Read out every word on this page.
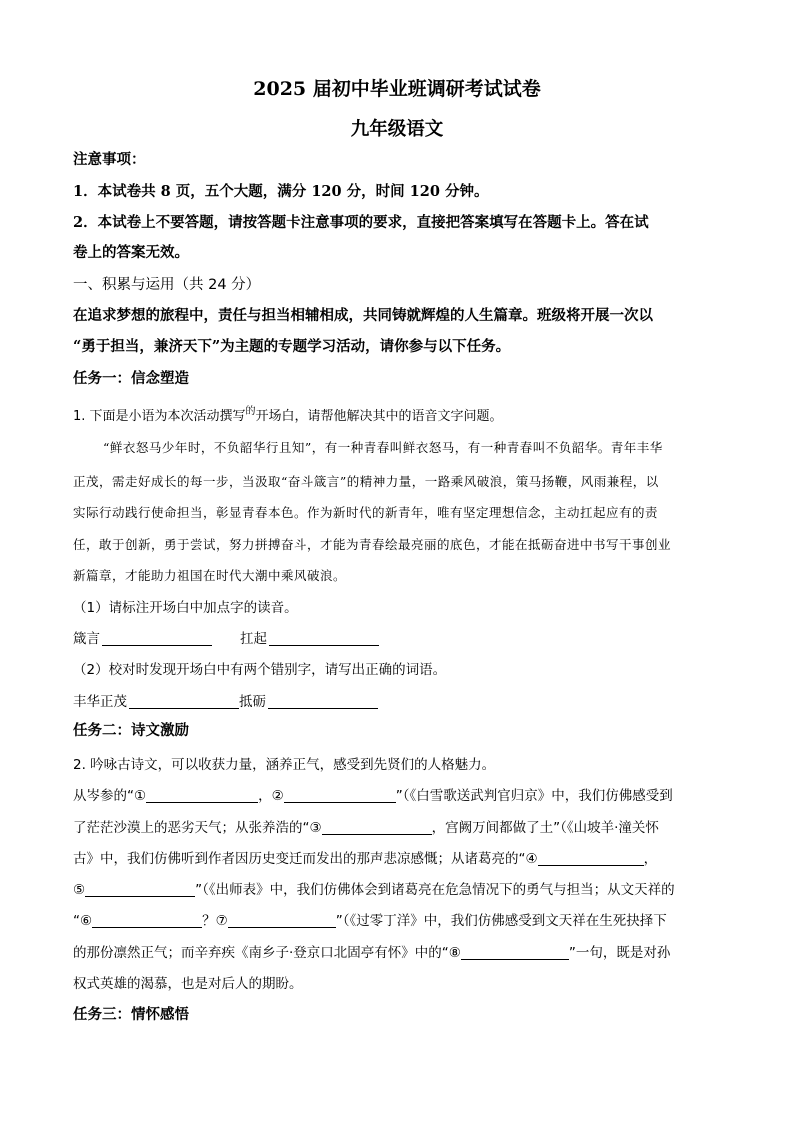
2025 届初中毕业班调研考试试卷
九年级语文
注意事项：
1．本试卷共 8 页，五个大题，满分 120 分，时间 120 分钟。
2．本试卷上不要答题，请按答题卡注意事项的要求，直接把答案填写在答题卡上。答在试
卷上的答案无效。
一、积累与运用（共 24 分）
在追求梦想的旅程中，责任与担当相辅相成，共同铸就辉煌的人生篇章。班级将开展一次以
“勇于担当，兼济天下”为主题的专题学习活动，请你参与以下任务。
任务一：信念塑造
1. 下面是小语为本次活动撰写$^的$开场白，请帮他解决其中的语音文字问题。
“鲜衣怒马少年时，不负韶华行且知”，有一种青春叫鲜衣怒马，有一种青春叫不负韶华。青年丰华
正茂，需走好成长的每一步，当汲取“奋斗箴言”的精神力量，一路乘风破浪，策马扬鞭，风雨兼程，以
实际行动践行使命担当，彰显青春本色。作为新时代的新青年，唯有坚定理想信念，主动扛起应有的责
任，敢于创新，勇于尝试，努力拼搏奋斗，才能为青春绘最亮丽的底色，才能在抵砺奋进中书写干事创业
新篇章，才能助力祖国在时代大潮中乘风破浪。
（1）请标注开场白中加点字的读音。
箴言	扛起
（2）校对时发现开场白中有两个错别字，请写出正确的词语。
丰华正茂	抵砺
任务二：诗文激励
2. 吟咏古诗文，可以收获力量，涵养正气，感受到先贤们的人格魅力。
从岑参的“①	，②	”（《白雪歌送武判官归京》中，我们仿佛感受到
了茫茫沙漠上的恶劣天气；从张养浩的“③	，宫阙万间都做了土”（《山坡羊·潼关怀
古》中，我们仿佛听到作者因历史变迁而发出的那声悲凉感慨；从诸葛亮的“④	，
⑤	”（《出师表》中，我们仿佛体会到诸葛亮在危急情况下的勇气与担当；从文天祥的
“⑥	？⑦	”（《过零丁洋》中，我们仿佛感受到文天祥在生死抉择下
的那份凛然正气；而辛弃疾《南乡子·登京口北固亭有怀》中的“⑧	”一句，既是对孙
权式英雄的渴慕，也是对后人的期盼。
任务三：情怀感悟
